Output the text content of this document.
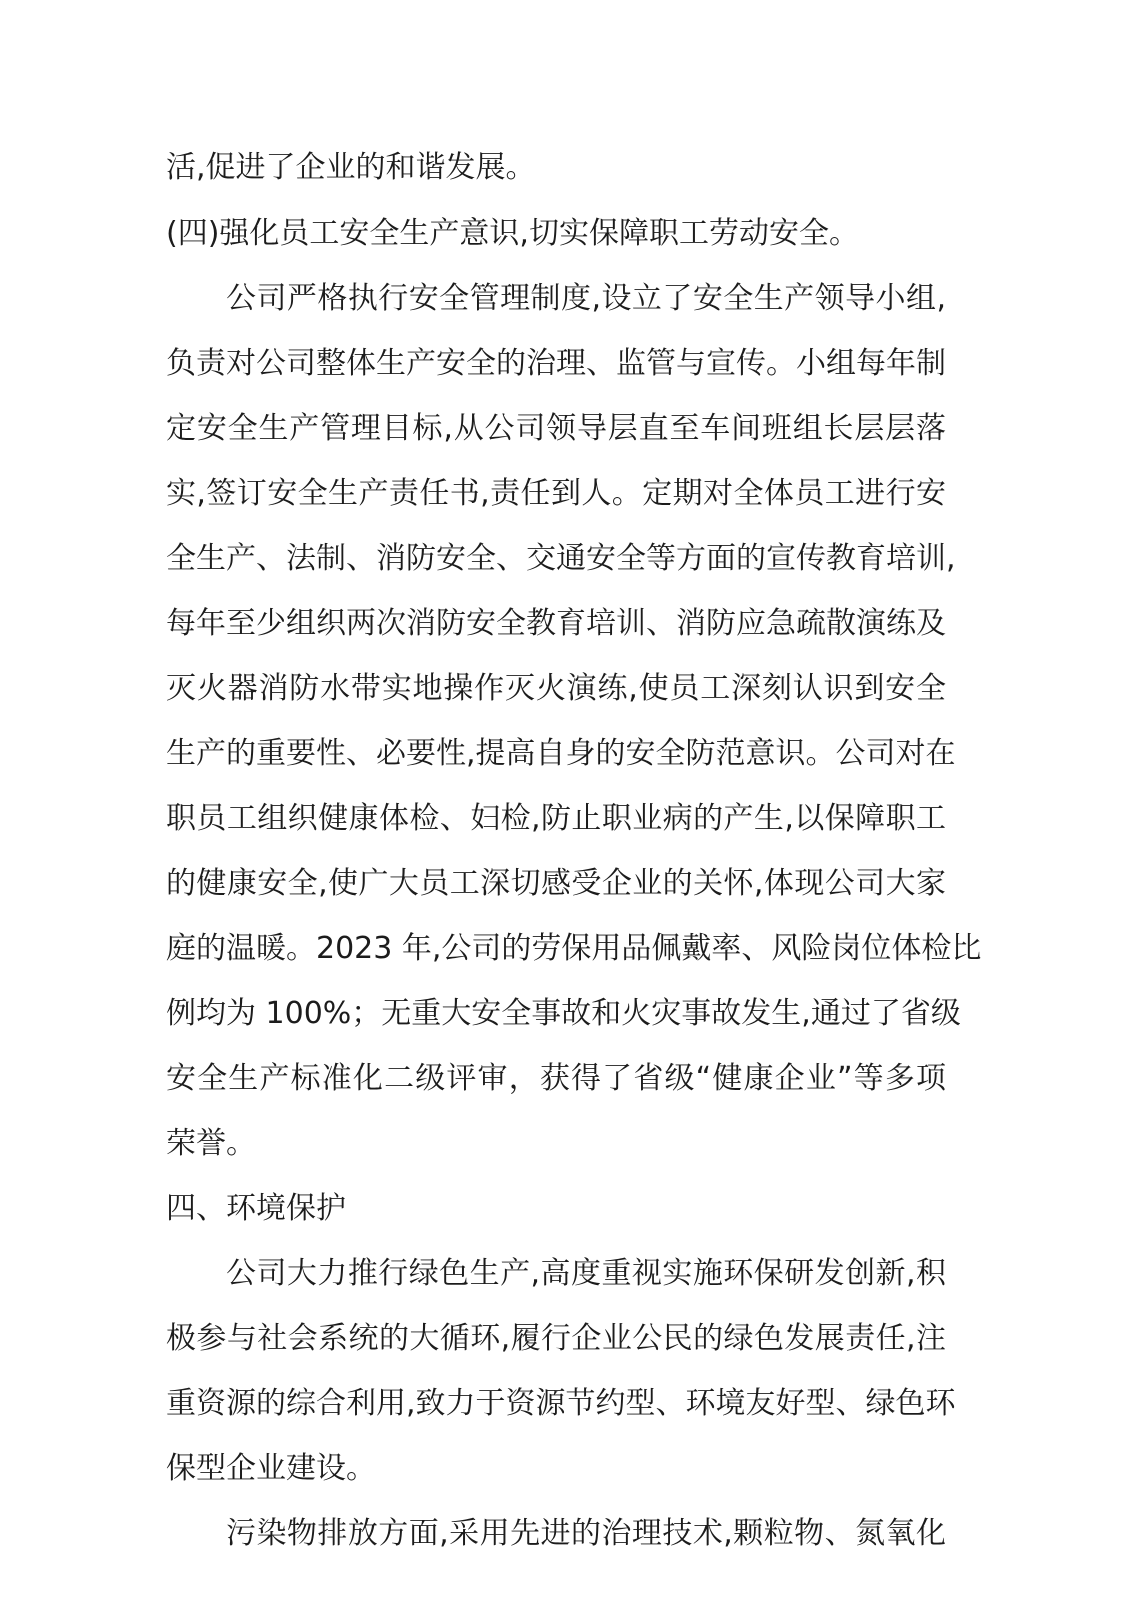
活,促进了企业的和谐发展。
(四)强化员工安全生产意识,切实保障职工劳动安全。
公司严格执行安全管理制度,设立了安全生产领导小组,
负责对公司整体生产安全的治理、监管与宣传。小组每年制
定安全生产管理目标,从公司领导层直至车间班组长层层落
实,签订安全生产责任书,责任到人。定期对全体员工进行安
全生产、法制、消防安全、交通安全等方面的宣传教育培训,
每年至少组织两次消防安全教育培训、消防应急疏散演练及
灭火器消防水带实地操作灭火演练,使员工深刻认识到安全
生产的重要性、必要性,提高自身的安全防范意识。公司对在
职员工组织健康体检、妇检,防止职业病的产生,以保障职工
的健康安全,使广大员工深切感受企业的关怀,体现公司大家
庭的温暖。2023 年,公司的劳保用品佩戴率、风险岗位体检比
例均为 100%；无重大安全事故和火灾事故发生,通过了省级
安全生产标准化二级评审，获得了省级“健康企业”等多项
荣誉。
四、环境保护
公司大力推行绿色生产,高度重视实施环保研发创新,积
极参与社会系统的大循环,履行企业公民的绿色发展责任,注
重资源的综合利用,致力于资源节约型、环境友好型、绿色环
保型企业建设。
污染物排放方面,采用先进的治理技术,颗粒物、氮氧化
